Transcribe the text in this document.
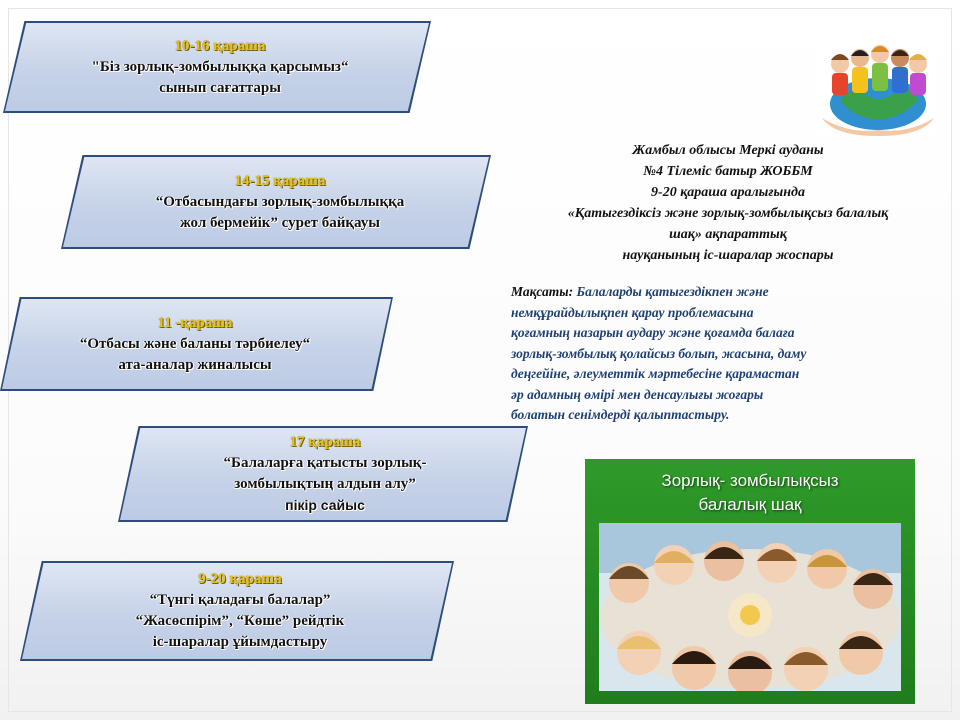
10-16 қараша
"Біз зорлық-зомбылыққа қарсымыз“
сынып сағаттары
14-15 қараша
“Отбасындағы зорлық-зомбылыққа
жол бермейік” сурет байқауы
11 -қараша
“Отбасы және баланы тәрбиелеу“
ата-аналар жиналысы
17 қараша
“Балаларға қатысты зорлық-
зомбылықтың алдын алу”
пікір сайыс
9-20 қараша
“Түнгі қаладағы балалар”
“Жасөспірім”, “Көше” рейдтік
іс-шаралар ұйымдастыру
Жамбыл облысы Меркі ауданы
№4 Тілеміс батыр ЖОББМ
9-20 қараша аралығында
«Қатыгездіксіз және зорлық-зомбылықсыз балалық
шақ» ақпараттық
науқанының іс-шаралар жоспары
Мақсаты: Балаларды қатыгездікпен және
немқұрайдылықпен қарау проблемасына
қоғамның назарын аудару және қоғамда балаға
зорлық-зомбылық қолайсыз болып, жасына, даму
деңгейіне, әлеуметтік мәртебесіне қарамастан
әр адамның өмірі мен денсаулығы жоғары
болатын сенімдерді қалыптастыру.
Зорлық- зомбылықсыз
балалық шақ
